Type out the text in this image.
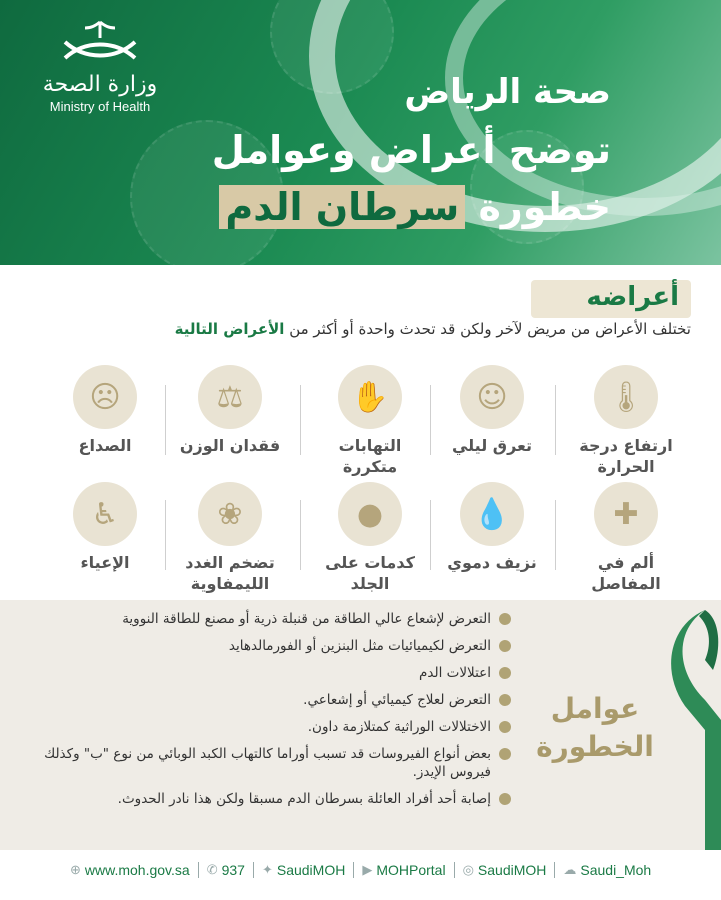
وزارة الصحة
Ministry of Health	صحة الرياض
توضح أعراض وعوامل
خطورة سرطان الدم
أعراضه
تختلف الأعراض من مريض لآخر ولكن قد تحدث واحدة أو أكثر من الأعراض التالية
🌡
ارتفاع درجة الحرارة
☺
تعرق ليلي
✋
التهابات متكررة
⚖
فقدان الوزن
☹
الصداع
✚
ألم في المفاصل
💧
نزيف دموي
●
كدمات على الجلد
❀
تضخم الغدد الليمفاوية
♿
الإعياء
التعرض لإشعاع عالي الطاقة من قنبلة ذرية أو مصنع للطاقة النووية
التعرض لكيميائيات مثل البنزين أو الفورمالدهايد
اعتلالات الدم
التعرض لعلاج كيميائي أو إشعاعي.
الاختلالات الوراثية كمتلازمة داون.
بعض أنواع الفيروسات قد تسبب أوراما كالتهاب الكبد الوبائي من نوع "ب" وكذلك فيروس الإيدز.
إصابة أحد أفراد العائلة بسرطان الدم مسبقا ولكن هذا نادر الحدوث.
عوامل الخطورة
⊕ www.moh.gov.sa ✆ 937 ✦ SaudiMOH ▶ MOHPortal ◎ SaudiMOH ☁ Saudi_Moh
